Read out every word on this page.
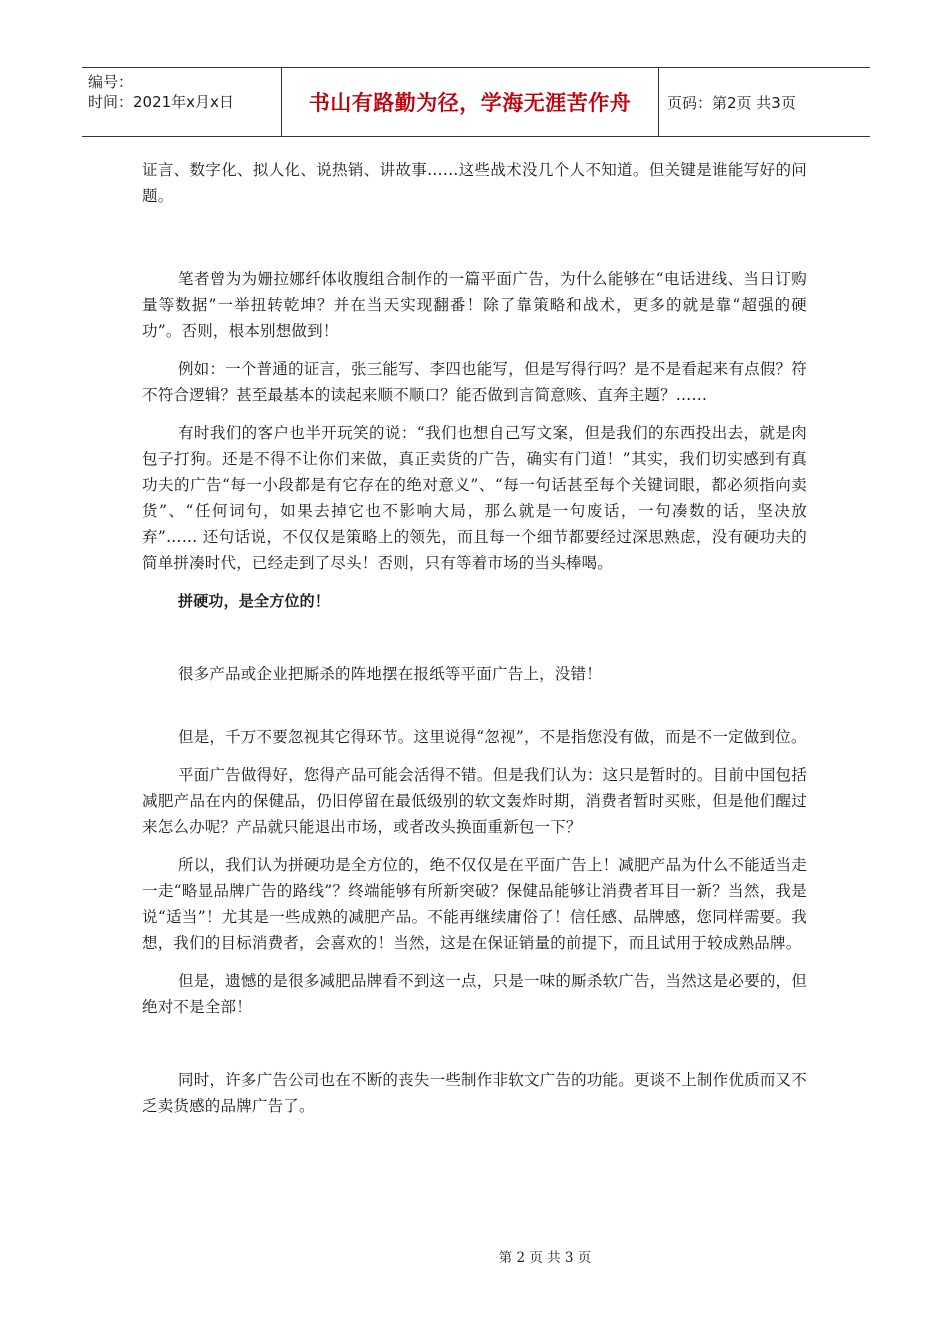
编号：
时间：2021年x月x日	书山有路勤为径，学海无涯苦作舟	页码：第2页 共3页

证言、数字化、拟人化、说热销、讲故事……这些战术没几个人不知道。但关键是谁能写好的问题。

笔者曾为为姗拉娜纤体收腹组合制作的一篇平面广告，为什么能够在“电话进线、当日订购量等数据”一举扭转乾坤？并在当天实现翻番！除了靠策略和战术，更多的就是靠“超强的硬功”。否则，根本别想做到！

例如：一个普通的证言，张三能写、李四也能写，但是写得行吗？是不是看起来有点假？符不符合逻辑？甚至最基本的读起来顺不顺口？能否做到言简意赅、直奔主题？……

有时我们的客户也半开玩笑的说：“我们也想自己写文案，但是我们的东西投出去，就是肉包子打狗。还是不得不让你们来做，真正卖货的广告，确实有门道！”其实，我们切实感到有真功夫的广告“每一小段都是有它存在的绝对意义”、“每一句话甚至每个关键词眼，都必须指向卖货”、“任何词句，如果去掉它也不影响大局，那么就是一句废话，一句凑数的话，坚决放弃”…… 还句话说，不仅仅是策略上的领先，而且每一个细节都要经过深思熟虑，没有硬功夫的简单拼凑时代，已经走到了尽头！否则，只有等着市场的当头棒喝。

拼硬功，是全方位的！

很多产品或企业把厮杀的阵地摆在报纸等平面广告上，没错！

但是，千万不要忽视其它得环节。这里说得“忽视”，不是指您没有做，而是不一定做到位。

平面广告做得好，您得产品可能会活得不错。但是我们认为：这只是暂时的。目前中国包括减肥产品在内的保健品，仍旧停留在最低级别的软文轰炸时期，消费者暂时买账，但是他们醒过来怎么办呢？产品就只能退出市场，或者改头换面重新包一下？

所以，我们认为拼硬功是全方位的，绝不仅仅是在平面广告上！减肥产品为什么不能适当走一走“略显品牌广告的路线”？终端能够有所新突破？保健品能够让消费者耳目一新？当然，我是说“适当”！尤其是一些成熟的减肥产品。不能再继续庸俗了！信任感、品牌感，您同样需要。我想，我们的目标消费者，会喜欢的！当然，这是在保证销量的前提下，而且试用于较成熟品牌。

但是，遗憾的是很多减肥品牌看不到这一点，只是一味的厮杀软广告，当然这是必要的，但绝对不是全部！

同时，许多广告公司也在不断的丧失一些制作非软文广告的功能。更谈不上制作优质而又不乏卖货感的品牌广告了。

第 2 页 共 3 页
